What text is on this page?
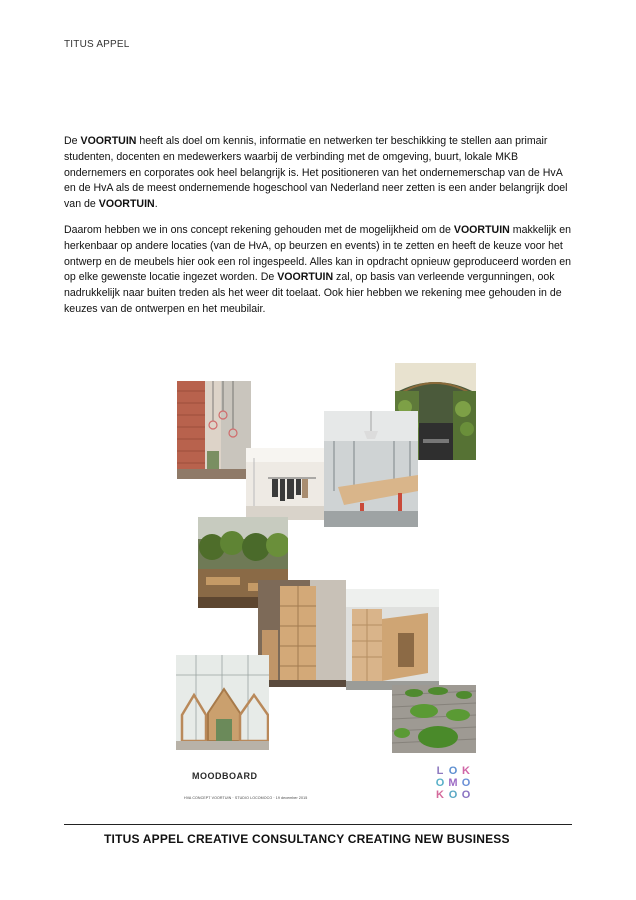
TITUS APPEL

De VOORTUIN heeft als doel om kennis, informatie en netwerken ter beschikking te stellen aan primair studenten, docenten en medewerkers waarbij de verbinding met de omgeving, buurt, lokale MKB ondernemers en corporates ook heel belangrijk is. Het positioneren van het ondernemerschap van de HvA en de HvA als de meest ondernemende hogeschool van Nederland neer zetten is een ander belangrijk doel van de VOORTUIN.

Daarom hebben we in ons concept rekening gehouden met de mogelijkheid om de VOORTUIN makkelijk en herkenbaar op andere locaties (van de HvA, op beurzen en events) in te zetten en heeft de keuze voor het ontwerp en de meubels hier ook een rol ingespeeld. Alles kan in opdracht opnieuw geproduceerd worden en op elke gewenste locatie ingezet worden. De VOORTUIN zal, op basis van verleende vergunningen, ook nadrukkelijk naar buiten treden als het weer dit toelaat. Ook hier hebben we rekening mee gehouden in de keuzes van de ontwerpen en het meubilair.

MOODBOARD
HVA CONCEPT VOORTUIN · STUDIO LOCOMOCO · 19 december 2015
L O K
O M O
K O O
TITUS APPEL CREATIVE CONSULTANCY CREATING NEW BUSINESS
